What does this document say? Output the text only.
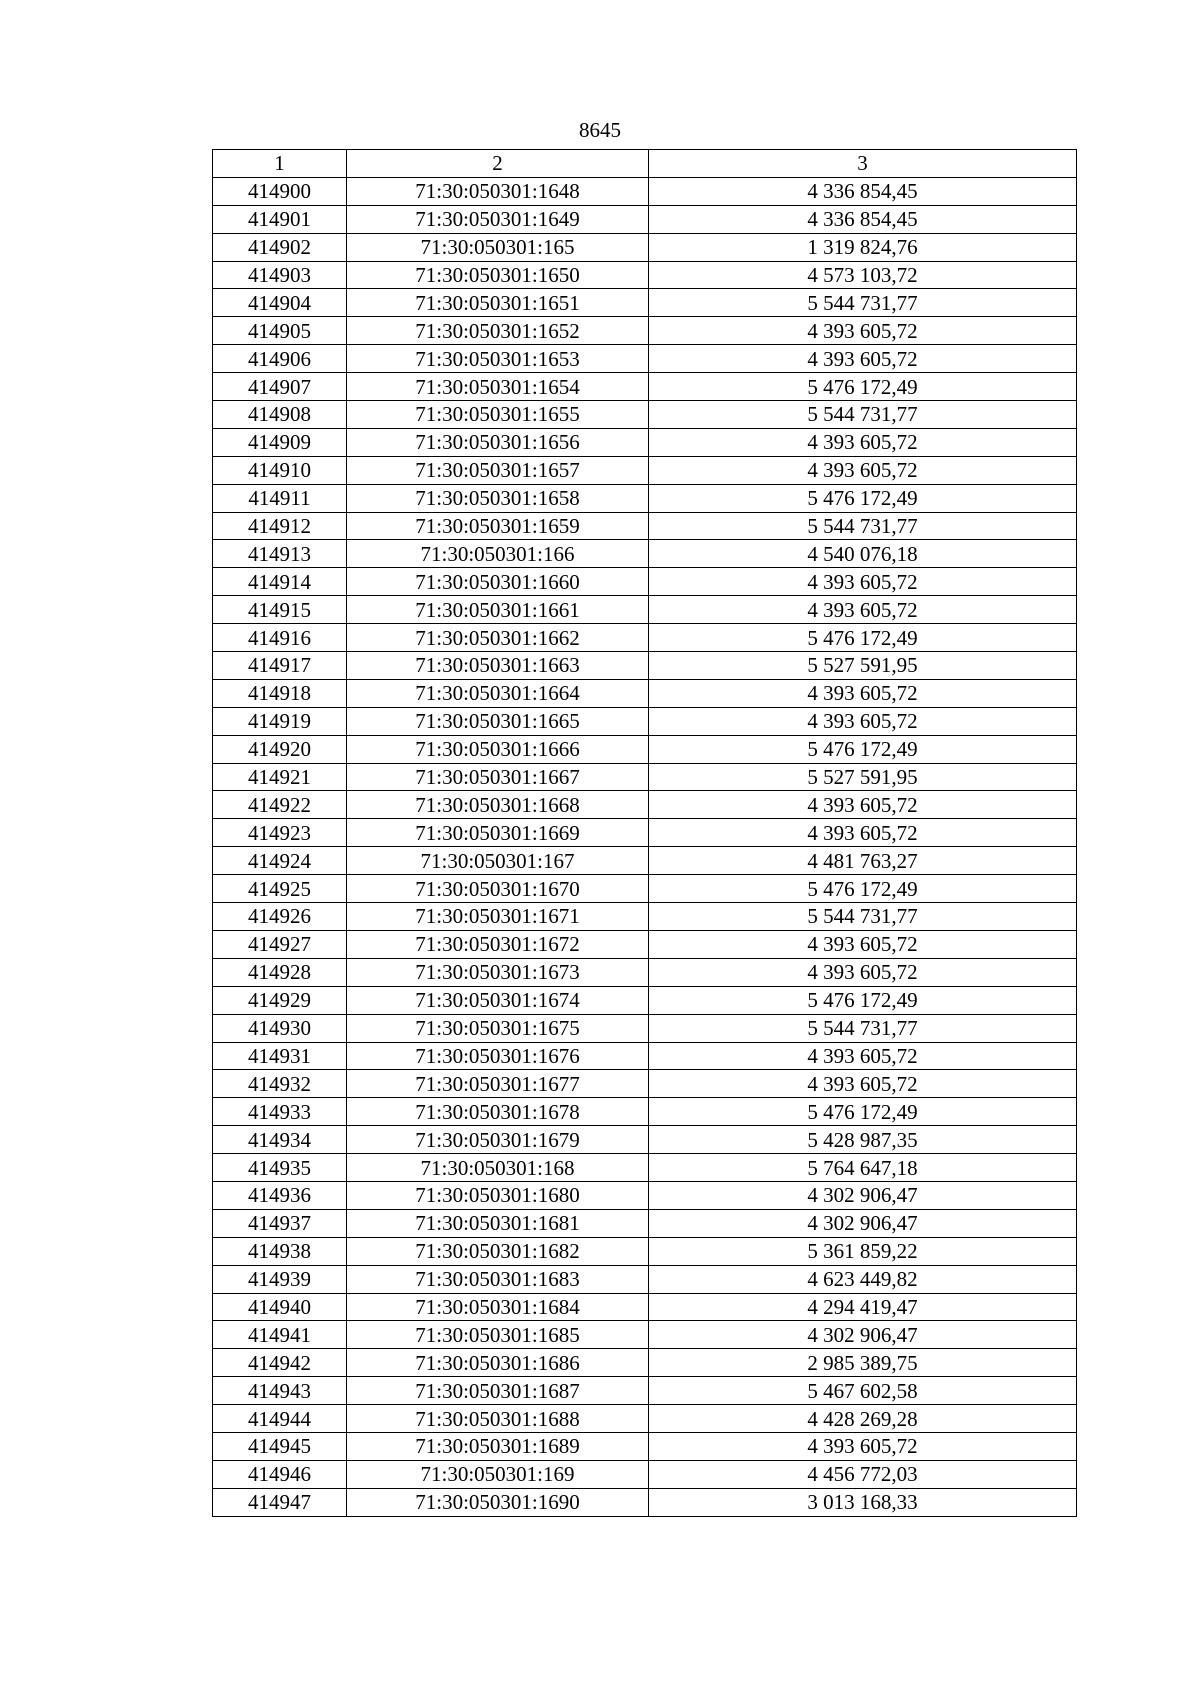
8645
1	2	3
414900	71:30:050301:1648	4 336 854,45
414901	71:30:050301:1649	4 336 854,45
414902	71:30:050301:165	1 319 824,76
414903	71:30:050301:1650	4 573 103,72
414904	71:30:050301:1651	5 544 731,77
414905	71:30:050301:1652	4 393 605,72
414906	71:30:050301:1653	4 393 605,72
414907	71:30:050301:1654	5 476 172,49
414908	71:30:050301:1655	5 544 731,77
414909	71:30:050301:1656	4 393 605,72
414910	71:30:050301:1657	4 393 605,72
414911	71:30:050301:1658	5 476 172,49
414912	71:30:050301:1659	5 544 731,77
414913	71:30:050301:166	4 540 076,18
414914	71:30:050301:1660	4 393 605,72
414915	71:30:050301:1661	4 393 605,72
414916	71:30:050301:1662	5 476 172,49
414917	71:30:050301:1663	5 527 591,95
414918	71:30:050301:1664	4 393 605,72
414919	71:30:050301:1665	4 393 605,72
414920	71:30:050301:1666	5 476 172,49
414921	71:30:050301:1667	5 527 591,95
414922	71:30:050301:1668	4 393 605,72
414923	71:30:050301:1669	4 393 605,72
414924	71:30:050301:167	4 481 763,27
414925	71:30:050301:1670	5 476 172,49
414926	71:30:050301:1671	5 544 731,77
414927	71:30:050301:1672	4 393 605,72
414928	71:30:050301:1673	4 393 605,72
414929	71:30:050301:1674	5 476 172,49
414930	71:30:050301:1675	5 544 731,77
414931	71:30:050301:1676	4 393 605,72
414932	71:30:050301:1677	4 393 605,72
414933	71:30:050301:1678	5 476 172,49
414934	71:30:050301:1679	5 428 987,35
414935	71:30:050301:168	5 764 647,18
414936	71:30:050301:1680	4 302 906,47
414937	71:30:050301:1681	4 302 906,47
414938	71:30:050301:1682	5 361 859,22
414939	71:30:050301:1683	4 623 449,82
414940	71:30:050301:1684	4 294 419,47
414941	71:30:050301:1685	4 302 906,47
414942	71:30:050301:1686	2 985 389,75
414943	71:30:050301:1687	5 467 602,58
414944	71:30:050301:1688	4 428 269,28
414945	71:30:050301:1689	4 393 605,72
414946	71:30:050301:169	4 456 772,03
414947	71:30:050301:1690	3 013 168,33
